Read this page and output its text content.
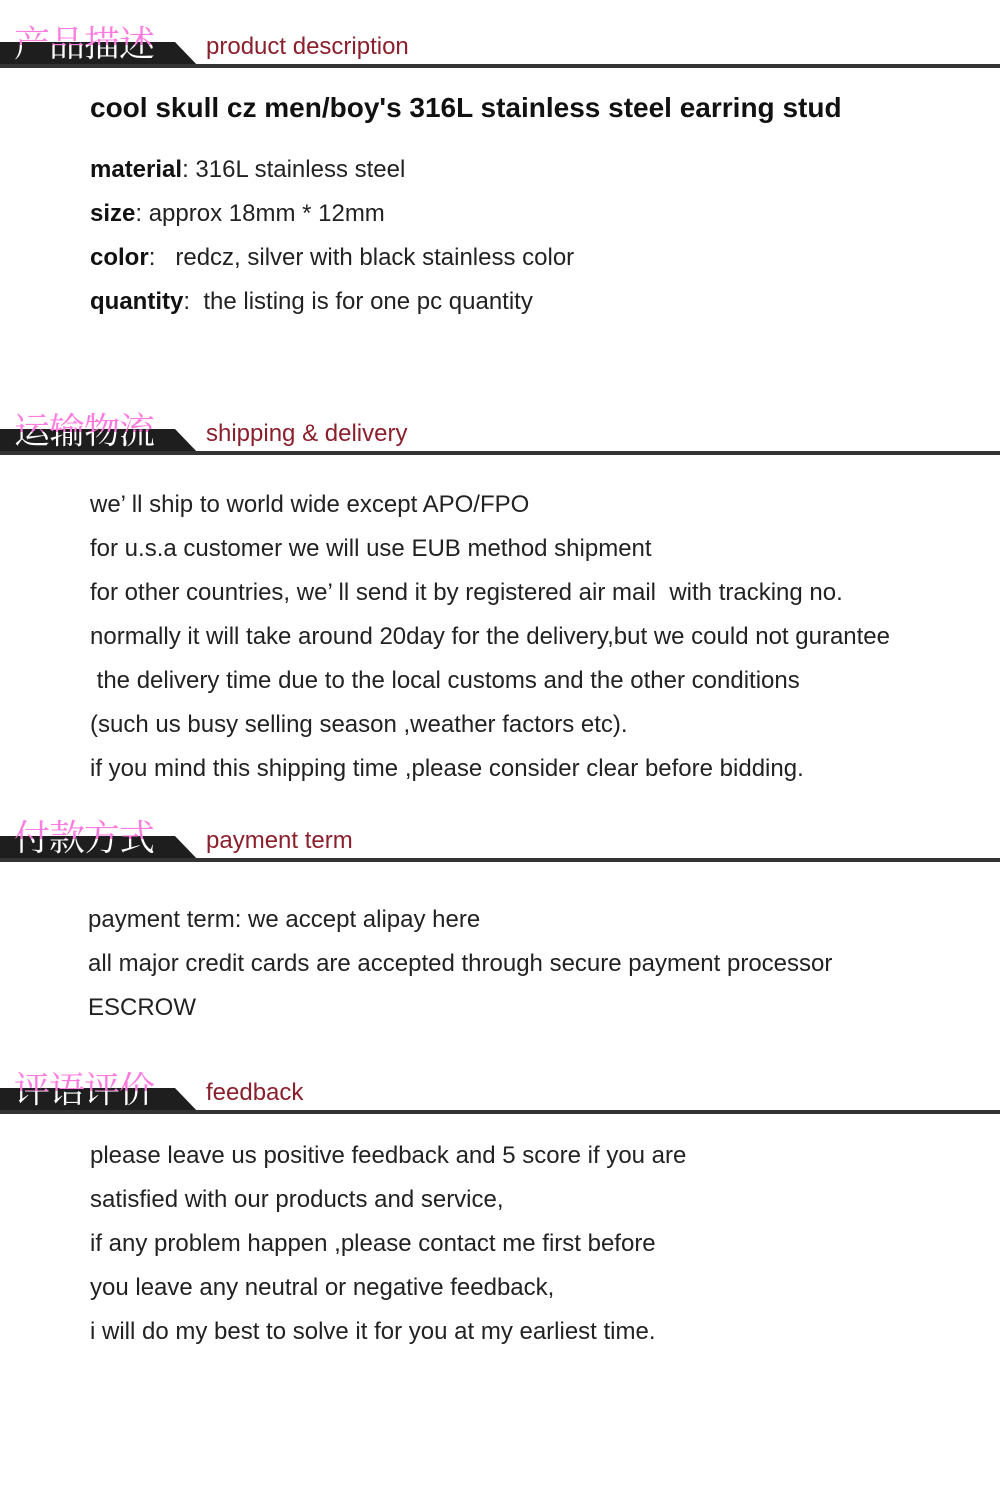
产品描述 product description
cool skull cz men/boy's 316L stainless steel earring stud
material: 316L stainless steel
size: approx 18mm * 12mm
color:   redcz, silver with black stainless color
quantity:  the listing is for one pc quantity
运输物流 shipping & delivery
we’ ll ship to world wide except APO/FPO
for u.s.a customer we will use EUB method shipment
for other countries, we’ ll send it by registered air mail  with tracking no.
normally it will take around 20day for the delivery,but we could not gurantee
the delivery time due to the local customs and the other conditions
(such us busy selling season ,weather factors etc).
if you mind this shipping time ,please consider clear before bidding.
付款方式 payment term
payment term: we accept alipay here
all major credit cards are accepted through secure payment processor
ESCROW
评语评价 feedback
please leave us positive feedback and 5 score if you are
satisfied with our products and service,
if any problem happen ,please contact me first before
you leave any neutral or negative feedback,
i will do my best to solve it for you at my earliest time.
